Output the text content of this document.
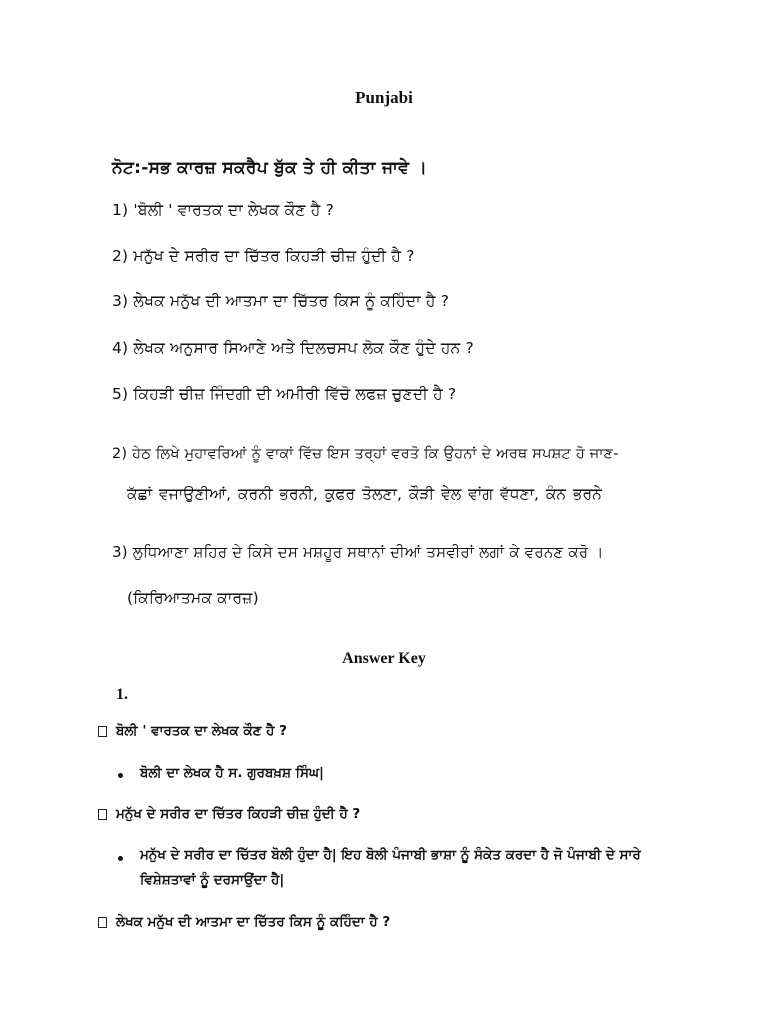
Punjabi
ਨੋਟ:-ਸਭ ਕਾਰਜ਼ ਸਕਰੈਪ ਬੁੱਕ ਤੇ ਹੀ ਕੀਤਾ ਜਾਵੇ ।
1) 'ਬੋਲੀ ' ਵਾਰਤਕ ਦਾ ਲੇਖਕ ਕੌਣ ਹੈ ?
2) ਮਨੁੱਖ ਦੇ ਸਰੀਰ ਦਾ ਚਿੱਤਰ ਕਿਹੜੀ ਚੀਜ਼ ਹੁੰਦੀ ਹੈ ?
3) ਲੇਖਕ ਮਨੁੱਖ ਦੀ ਆਤਮਾ ਦਾ ਚਿੱਤਰ ਕਿਸ ਨੂੰ ਕਹਿੰਦਾ ਹੈ ?
4) ਲੇਖਕ ਅਨੁਸਾਰ ਸਿਆਣੇ ਅਤੇ ਦਿਲਚਸਪ ਲੋਕ ਕੌਣ ਹੁੰਦੇ ਹਨ ?
5) ਕਿਹੜੀ ਚੀਜ਼ ਜਿੰਦਗੀ ਦੀ ਅਮੀਰੀ ਵਿੱਚੋ ਲਫਜ਼ ਚੁਣਦੀ ਹੈ ?
2) ਹੇਠ ਲਿਖੇ ਮੁਹਾਵਰਿਆਂ ਨੂੰ ਵਾਕਾਂ ਵਿੱਚ ਇਸ ਤਰ੍ਹਾਂ ਵਰਤੋ ਕਿ ਉਹਨਾਂ ਦੇ ਅਰਥ ਸਪਸ਼ਟ ਹੋ ਜਾਣ-
ਕੱਛਾਂ ਵਜਾਉਣੀਆਂ, ਕਰਨੀ ਭਰਨੀ, ਕੁਫਰ ਤੋਲਣਾ, ਕੌੜੀ ਵੇਲ ਵਾਂਗ ਵੱਧਣਾ, ਕੰਨ ਭਰਨੇ
3) ਲੁਧਿਆਣਾ ਸ਼ਹਿਰ ਦੇ ਕਿਸੇ ਦਸ ਮਸ਼ਹੂਰ ਸਥਾਨਾਂ ਦੀਆਂ ਤਸਵੀਰਾਂ ਲਗਾਂ ਕੇ ਵਰਨਣ ਕਰੋ ।
(ਕਿਰਿਆਤਮਕ ਕਾਰਜ਼)
Answer Key
1.
ਬੋਲੀ ' ਵਾਰਤਕ ਦਾ ਲੇਖਕ ਕੌਣ ਹੈ ?
ਬੋਲੀ ਦਾ ਲੇਖਕ ਹੈ ਸ. ਗੁਰਬਖ਼ਸ਼ ਸਿੰਘ|
ਮਨੁੱਖ ਦੇ ਸਰੀਰ ਦਾ ਚਿੱਤਰ ਕਿਹੜੀ ਚੀਜ਼ ਹੁੰਦੀ ਹੈ ?
ਮਨੁੱਖ ਦੇ ਸਰੀਰ ਦਾ ਚਿੱਤਰ ਬੋਲੀ ਹੁੰਦਾ ਹੈ| ਇਹ ਬੋਲੀ ਪੰਜਾਬੀ ਭਾਸ਼ਾ ਨੂੰ ਸੰਕੇਤ ਕਰਦਾ ਹੈ ਜੋ ਪੰਜਾਬੀ ਦੇ ਸਾਰੇ
ਵਿਸ਼ੇਸ਼ਤਾਵਾਂ ਨੂੰ ਦਰਸਾਉਂਦਾ ਹੈ|
ਲੇਖਕ ਮਨੁੱਖ ਦੀ ਆਤਮਾ ਦਾ ਚਿੱਤਰ ਕਿਸ ਨੂੰ ਕਹਿੰਦਾ ਹੈ ?
